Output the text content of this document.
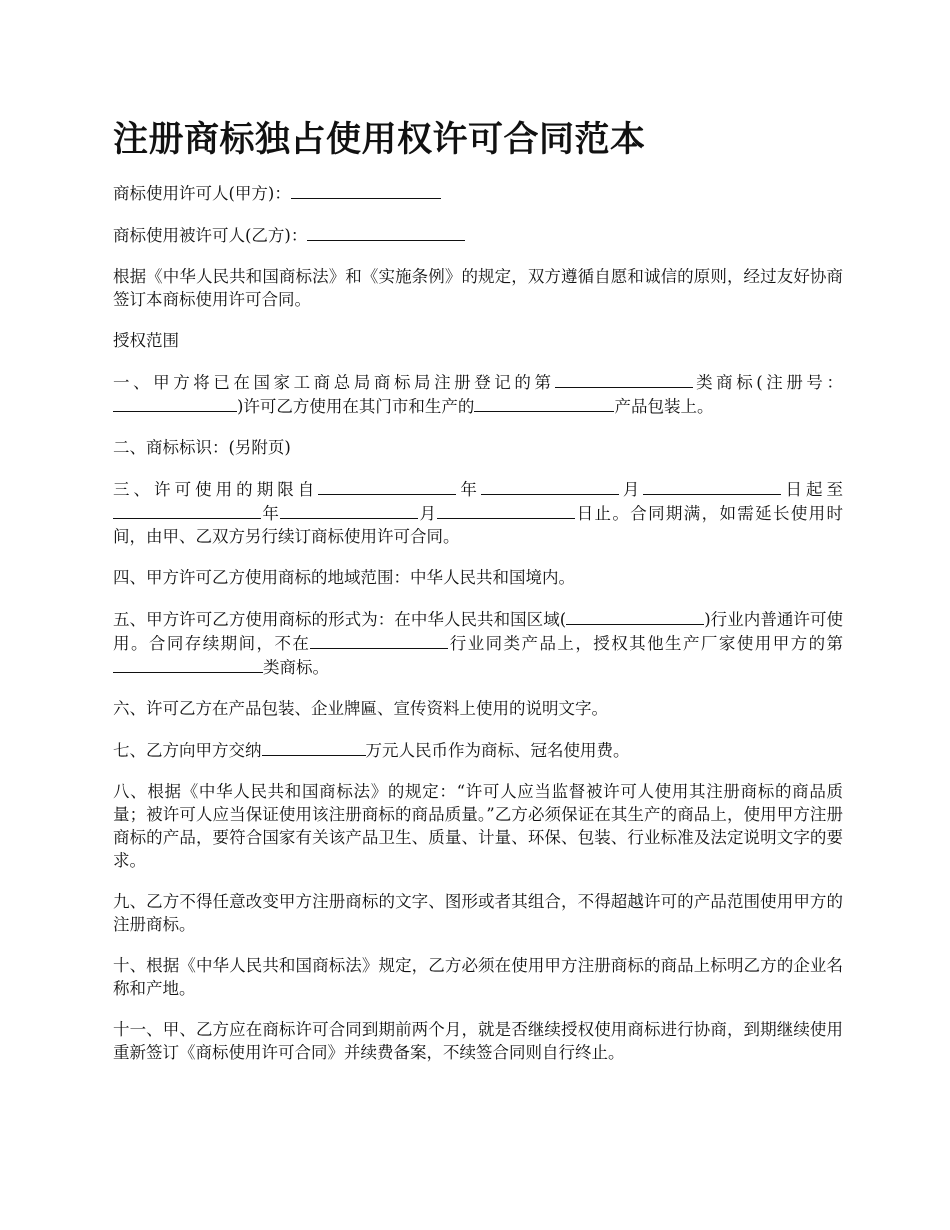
注册商标独占使用权许可合同范本

商标使用许可人(甲方)：

商标使用被许可人(乙方)：

根据《中华人民共和国商标法》和《实施条例》的规定，双方遵循自愿和诚信的原则，经过友好协商签订本商标使用许可合同。

授权范围

一、甲方将已在国家工商总局商标局注册登记的第	类商标(注册号：)许可乙方使用在其门市和生产的	产品包装上。

二、商标标识：(另附页)

三、许可使用的期限自	年	月	日起至年	月	日止。合同期满，如需延长使用时间，由甲、乙双方另行续订商标使用许可合同。

四、甲方许可乙方使用商标的地域范围：中华人民共和国境内。

五、甲方许可乙方使用商标的形式为：在中华人民共和国区域(	)行业内普通许可使用。合同存续期间，不在	行业同类产品上，授权其他生产厂家使用甲方的第类商标。

六、许可乙方在产品包装、企业牌匾、宣传资料上使用的说明文字。

七、乙方向甲方交纳	万元人民币作为商标、冠名使用费。

八、根据《中华人民共和国商标法》的规定：“许可人应当监督被许可人使用其注册商标的商品质量；被许可人应当保证使用该注册商标的商品质量。”乙方必须保证在其生产的商品上，使用甲方注册商标的产品，要符合国家有关该产品卫生、质量、计量、环保、包装、行业标准及法定说明文字的要求。

九、乙方不得任意改变甲方注册商标的文字、图形或者其组合，不得超越许可的产品范围使用甲方的注册商标。

十、根据《中华人民共和国商标法》规定，乙方必须在使用甲方注册商标的商品上标明乙方的企业名称和产地。

十一、甲、乙方应在商标许可合同到期前两个月，就是否继续授权使用商标进行协商，到期继续使用重新签订《商标使用许可合同》并续费备案，不续签合同则自行终止。
